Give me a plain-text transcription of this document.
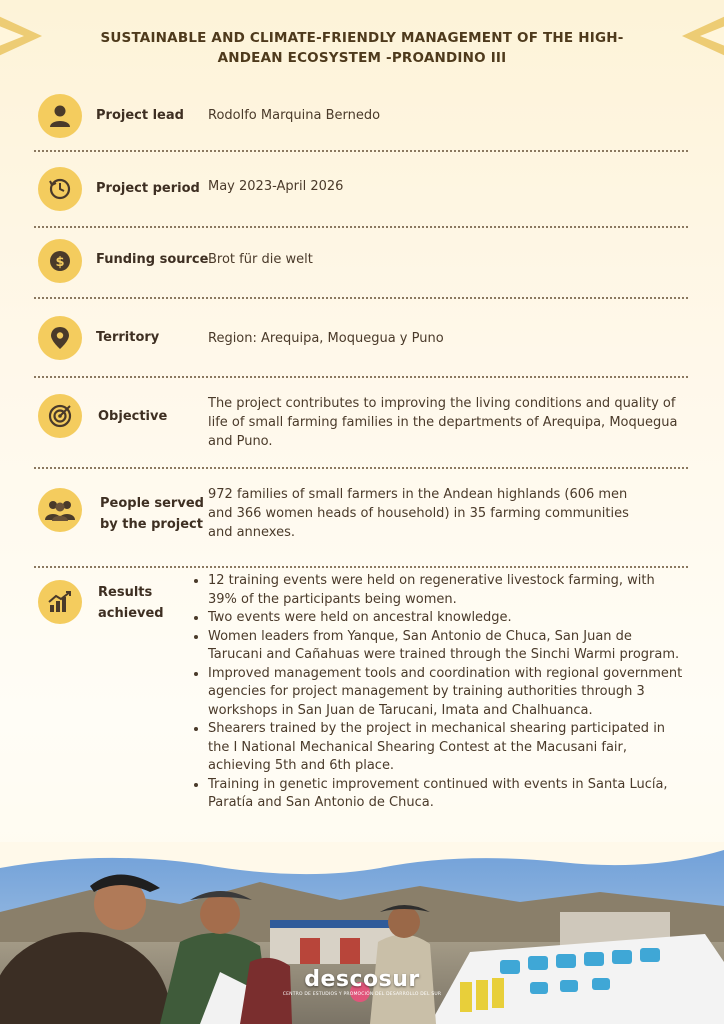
SUSTAINABLE AND CLIMATE-FRIENDLY MANAGEMENT OF THE HIGH-
ANDEAN ECOSYSTEM -PROANDINO III
Project lead Rodolfo Marquina Bernedo
Project period May 2023-April 2026
$ Funding source Brot für die welt
Territory	Region: Arequipa, Moquegua y Puno
Objective
The project contributes to improving the living conditions and quality of
life of small farming families in the departments of Arequipa, Moquegua
and Puno.
People served
by the project
972 families of small farmers in the Andean highlands (606 men
and 366 women heads of household) in 35 farming communities
and annexes.
Results
achieved
• 12 training events were held on regenerative livestock farming, with 39% of the participants being women.
• Two events were held on ancestral knowledge.
• Women leaders from Yanque, San Antonio de Chuca, San Juan de Tarucani and Cañahuas were trained through the Sinchi Warmi program.
• Improved management tools and coordination with regional government agencies for project management by training authorities through 3 workshops in San Juan de Tarucani, Imata and Chalhuanca.
• Shearers trained by the project in mechanical shearing participated in the I National Mechanical Shearing Contest at the Macusani fair, achieving 5th and 6th place.
• Training in genetic improvement continued with events in Santa Lucía, Paratía and San Antonio de Chuca.
descosur
CENTRO DE ESTUDIOS Y PROMOCIÓN DEL DESARROLLO DEL SUR
